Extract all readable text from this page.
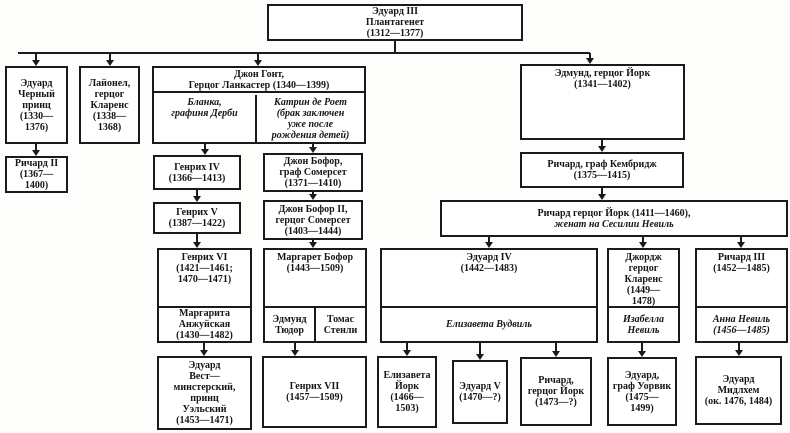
Эдуард III
Плантагенет
(1312—1377)
Эдуард
Черный
принц
(1330—
1376)
Лайонел,
герцог
Кларенс
(1338—
1368)
Джон Гонт,
Герцог Ланкастер (1340—1399)
Бланка,
графиня Дерби
Катрин де Роет
(брак заключен
уже после
рождения детей)
Эдмунд, герцог Йорк
(1341—1402)
Ричард II
(1367—
1400)
Генрих IV
(1366—1413)
Джон Бофор,
граф Сомерсет
(1371—1410)
Ричард, граф Кембридж
(1375—1415)
Генрих V
(1387—1422)
Джон Бофор II,
герцог Сомерсет
(1403—1444)
Ричард герцог Йорк (1411—1460),
женат на Сесилии Невиль
Генрих VI
(1421—1461;
1470—1471)
Маргарита
Анжуйская
(1430—1482)
Маргарет Бофор
(1443—1509)
Эдмунд
Тюдор
Томас
Стенли
Эдуард IV
(1442—1483)
Елизавета Вудвиль
Джордж
герцог
Кларенс
(1449—
1478)
Изабелла
Невиль
Ричард III
(1452—1485)
Анна Невиль
(1456—1485)
Эдуард
Вест—
минстерский,
принц
Уэльский
(1453—1471)
Генрих VII
(1457—1509)
Елизавета
Йорк
(1466—
1503)
Эдуард V
(1470—?)
Ричард,
герцог Йорк
(1473—?)
Эдуард,
граф Уорвик
(1475—
1499)
Эдуард
Мидлхем
(ок. 1476, 1484)
